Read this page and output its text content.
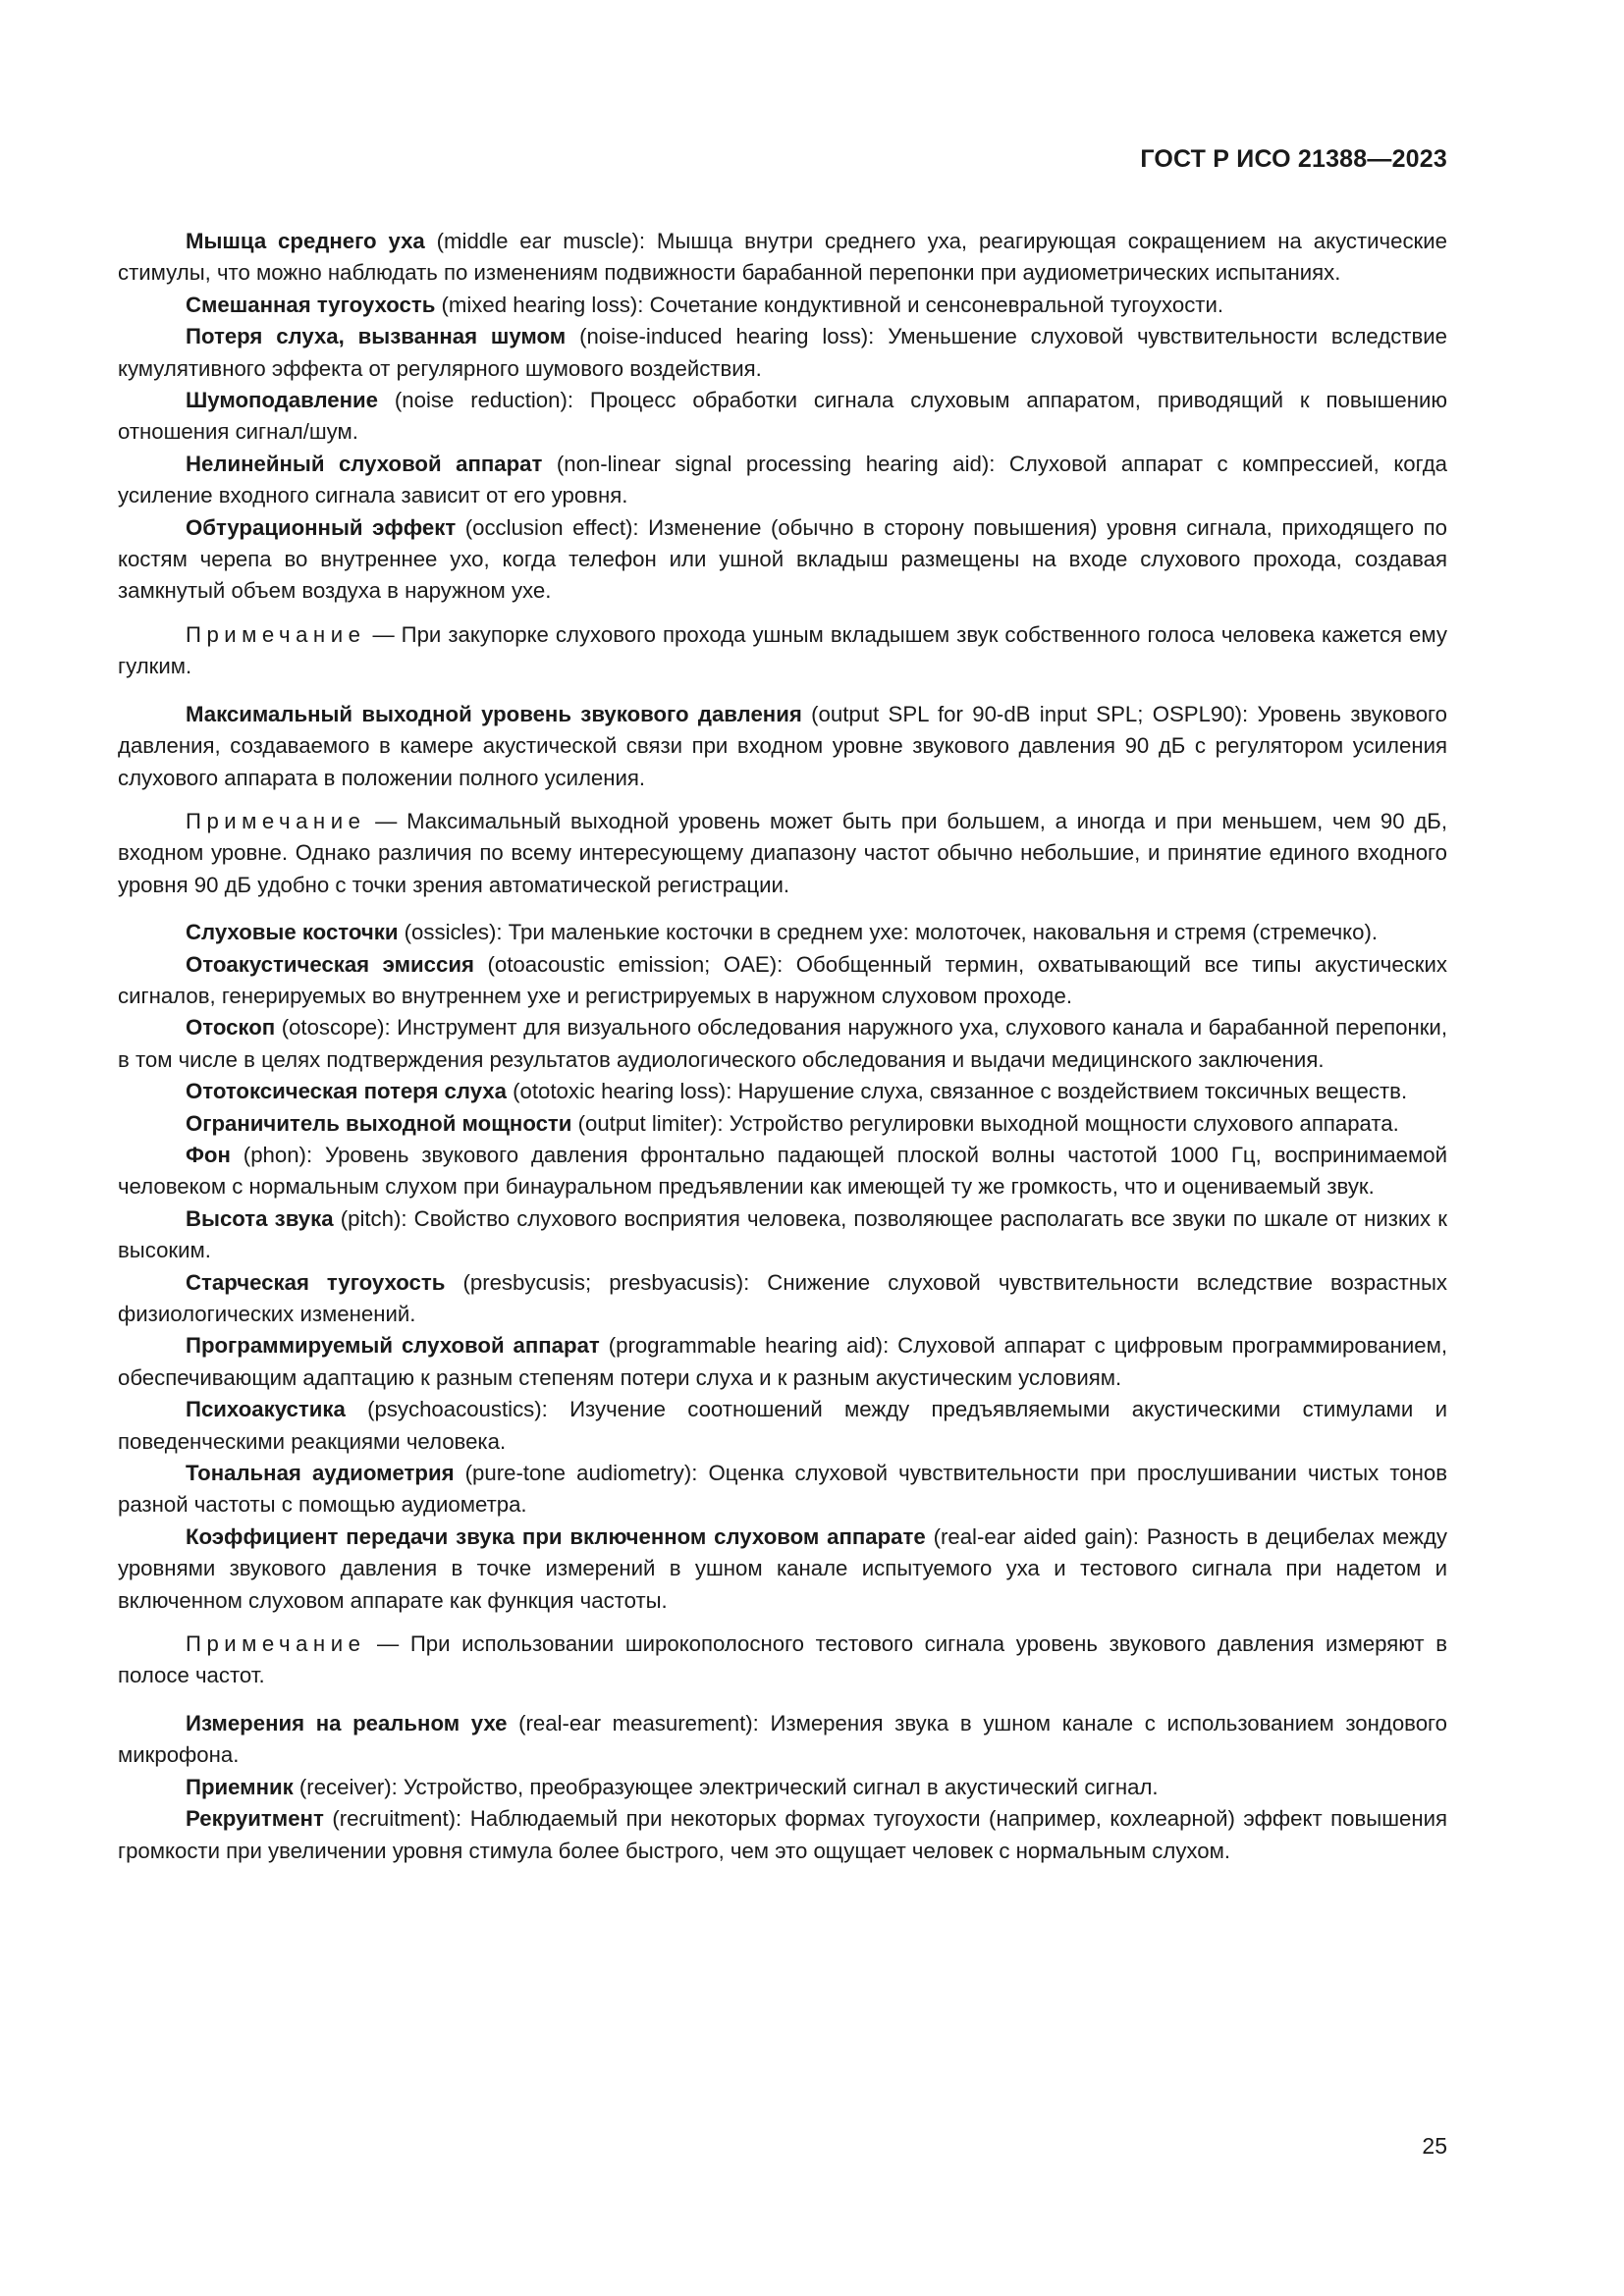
ГОСТ Р ИСО 21388—2023

Мышца среднего уха (middle ear muscle): Мышца внутри среднего уха, реагирующая сокращением на акустические стимулы, что можно наблюдать по изменениям подвижности барабанной перепонки при аудиометрических испытаниях.

Смешанная тугоухость (mixed hearing loss): Сочетание кондуктивной и сенсоневральной тугоухости.

Потеря слуха, вызванная шумом (noise-induced hearing loss): Уменьшение слуховой чувствительности вследствие кумулятивного эффекта от регулярного шумового воздействия.

Шумоподавление (noise reduction): Процесс обработки сигнала слуховым аппаратом, приводящий к повышению отношения сигнал/шум.

Нелинейный слуховой аппарат (non-linear signal processing hearing aid): Слуховой аппарат с компрессией, когда усиление входного сигнала зависит от его уровня.

Обтурационный эффект (occlusion effect): Изменение (обычно в сторону повышения) уровня сигнала, приходящего по костям черепа во внутреннее ухо, когда телефон или ушной вкладыш размещены на входе слухового прохода, создавая замкнутый объем воздуха в наружном ухе.

Примечание — При закупорке слухового прохода ушным вкладышем звук собственного голоса человека кажется ему гулким.

Максимальный выходной уровень звукового давления (output SPL for 90-dB input SPL; OSPL90): Уровень звукового давления, создаваемого в камере акустической связи при входном уровне звукового давления 90 дБ с регулятором усиления слухового аппарата в положении полного усиления.

Примечание — Максимальный выходной уровень может быть при большем, а иногда и при меньшем, чем 90 дБ, входном уровне. Однако различия по всему интересующему диапазону частот обычно небольшие, и принятие единого входного уровня 90 дБ удобно с точки зрения автоматической регистрации.

Слуховые косточки (ossicles): Три маленькие косточки в среднем ухе: молоточек, наковальня и стремя (стремечко).

Отоакустическая эмиссия (otoacoustic emission; OAE): Обобщенный термин, охватывающий все типы акустических сигналов, генерируемых во внутреннем ухе и регистрируемых в наружном слуховом проходе.

Отоскоп (otoscope): Инструмент для визуального обследования наружного уха, слухового канала и барабанной перепонки, в том числе в целях подтверждения результатов аудиологического обследования и выдачи медицинского заключения.

Ототоксическая потеря слуха (ototoxic hearing loss): Нарушение слуха, связанное с воздействием токсичных веществ.

Ограничитель выходной мощности (output limiter): Устройство регулировки выходной мощности слухового аппарата.

Фон (phon): Уровень звукового давления фронтально падающей плоской волны частотой 1000 Гц, воспринимаемой человеком с нормальным слухом при бинауральном предъявлении как имеющей ту же громкость, что и оцениваемый звук.

Высота звука (pitch): Свойство слухового восприятия человека, позволяющее располагать все звуки по шкале от низких к высоким.

Старческая тугоухость (presbycusis; presbyacusis): Снижение слуховой чувствительности вследствие возрастных физиологических изменений.

Программируемый слуховой аппарат (programmable hearing aid): Слуховой аппарат с цифровым программированием, обеспечивающим адаптацию к разным степеням потери слуха и к разным акустическим условиям.

Психоакустика (psychoacoustics): Изучение соотношений между предъявляемыми акустическими стимулами и поведенческими реакциями человека.

Тональная аудиометрия (pure-tone audiometry): Оценка слуховой чувствительности при прослушивании чистых тонов разной частоты с помощью аудиометра.

Коэффициент передачи звука при включенном слуховом аппарате (real-ear aided gain): Разность в децибелах между уровнями звукового давления в точке измерений в ушном канале испытуемого уха и тестового сигнала при надетом и включенном слуховом аппарате как функция частоты.

Примечание — При использовании широкополосного тестового сигнала уровень звукового давления измеряют в полосе частот.

Измерения на реальном ухе (real-ear measurement): Измерения звука в ушном канале с использованием зондового микрофона.

Приемник (receiver): Устройство, преобразующее электрический сигнал в акустический сигнал.

Рекруитмент (recruitment): Наблюдаемый при некоторых формах тугоухости (например, кохлеарной) эффект повышения громкости при увеличении уровня стимула более быстрого, чем это ощущает человек с нормальным слухом.

25
